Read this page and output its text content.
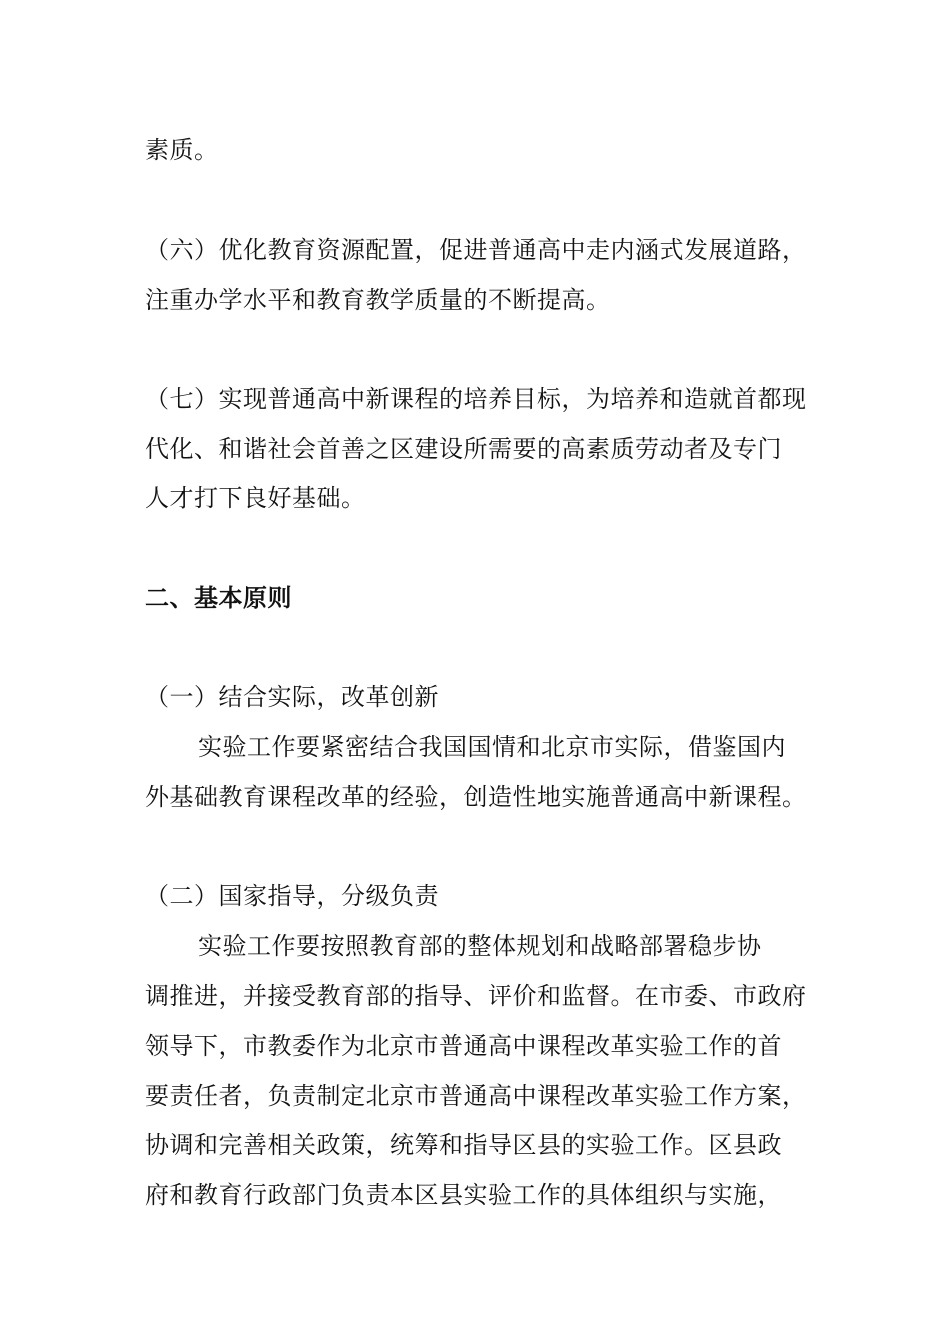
素质。
（六）优化教育资源配置，促进普通高中走内涵式发展道路，
注重办学水平和教育教学质量的不断提高。
（七）实现普通高中新课程的培养目标，为培养和造就首都现
代化、和谐社会首善之区建设所需要的高素质劳动者及专门
人才打下良好基础。
二、基本原则
（一）结合实际，改革创新
实验工作要紧密结合我国国情和北京市实际，借鉴国内
外基础教育课程改革的经验，创造性地实施普通高中新课程。
（二）国家指导，分级负责
实验工作要按照教育部的整体规划和战略部署稳步协
调推进，并接受教育部的指导、评价和监督。在市委、市政府
领导下，市教委作为北京市普通高中课程改革实验工作的首
要责任者，负责制定北京市普通高中课程改革实验工作方案，
协调和完善相关政策，统筹和指导区县的实验工作。区县政
府和教育行政部门负责本区县实验工作的具体组织与实施，
